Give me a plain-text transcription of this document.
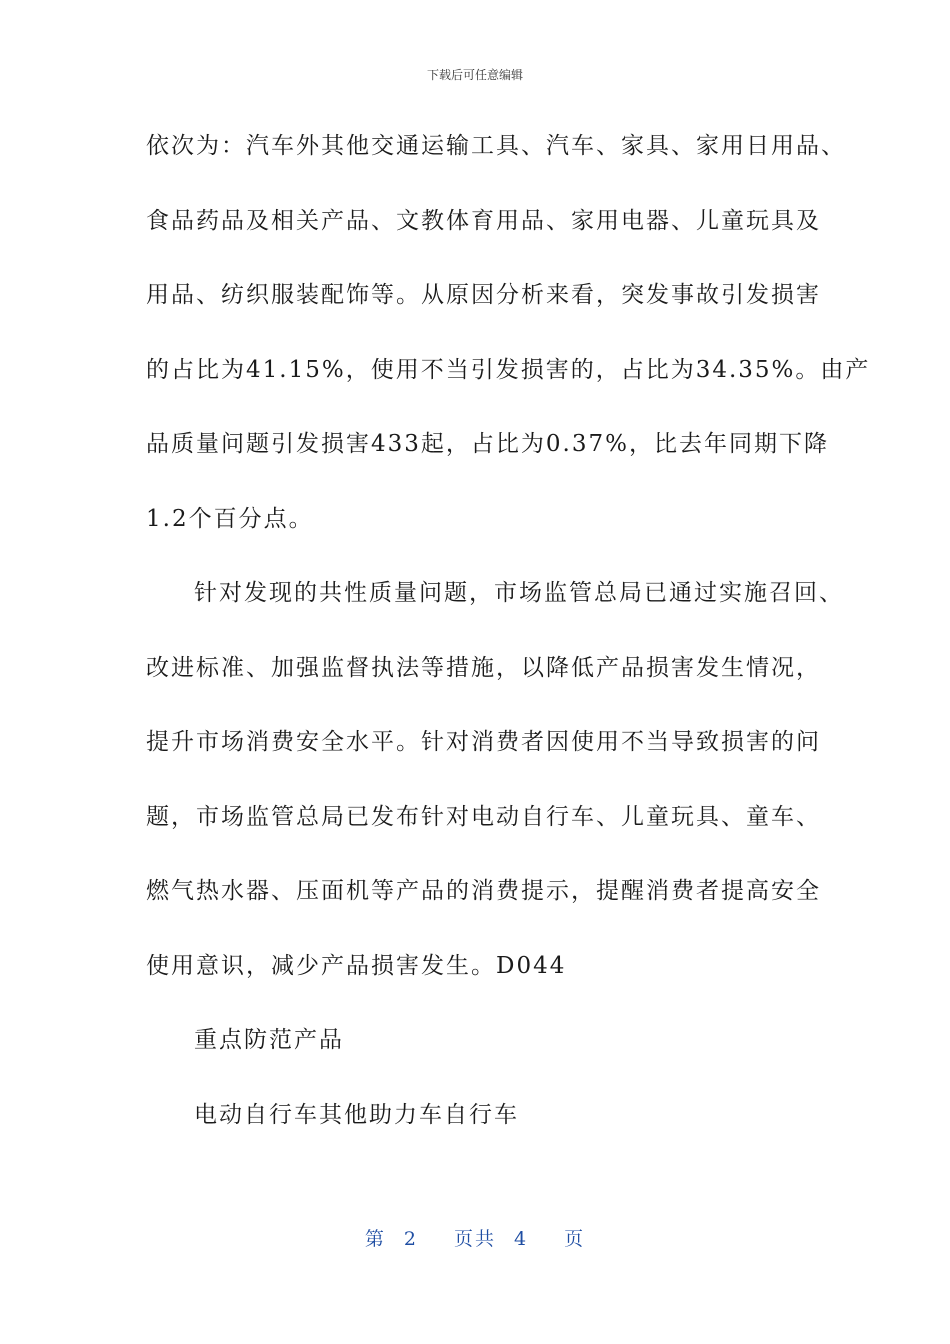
下载后可任意编辑
依次为：汽车外其他交通运输工具、汽车、家具、家用日用品、
食品药品及相关产品、文教体育用品、家用电器、儿童玩具及
用品、纺织服装配饰等。从原因分析来看，突发事故引发损害
的占比为41.15%，使用不当引发损害的，占比为34.35%。由产
品质量问题引发损害433起，占比为0.37%，比去年同期下降
1.2个百分点。
针对发现的共性质量问题，市场监管总局已通过实施召回、
改进标准、加强监督执法等措施，以降低产品损害发生情况，
提升市场消费安全水平。针对消费者因使用不当导致损害的问
题，市场监管总局已发布针对电动自行车、儿童玩具、童车、
燃气热水器、压面机等产品的消费提示，提醒消费者提高安全
使用意识，减少产品损害发生。D044
重点防范产品
电动自行车其他助力车自行车
第 2 页共 4 页
